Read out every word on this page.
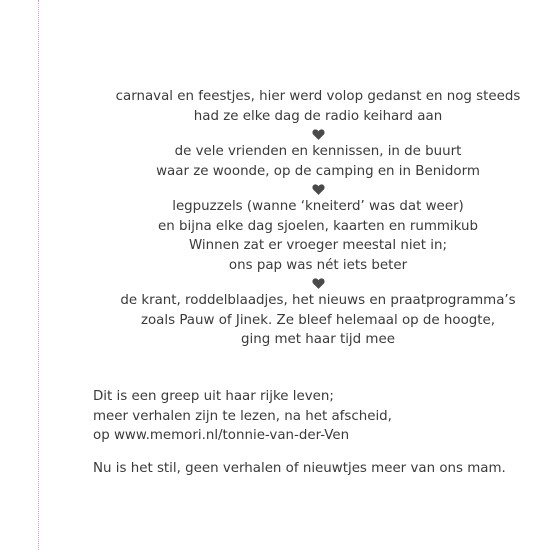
carnaval en feestjes, hier werd volop gedanst en nog steeds
had ze elke dag de radio keihard aan
de vele vrienden en kennissen, in de buurt
waar ze woonde, op de camping en in Benidorm
legpuzzels (wanne ‘kneiterd’ was dat weer)
en bijna elke dag sjoelen, kaarten en rummikub
Winnen zat er vroeger meestal niet in;
ons pap was nét iets beter
de krant, roddelblaadjes, het nieuws en praatprogramma’s
zoals Pauw of Jinek. Ze bleef helemaal op de hoogte,
ging met haar tijd mee
Dit is een greep uit haar rijke leven;
meer verhalen zijn te lezen, na het afscheid,
op www.memori.nl/tonnie-van-der-Ven
Nu is het stil, geen verhalen of nieuwtjes meer van ons mam.
